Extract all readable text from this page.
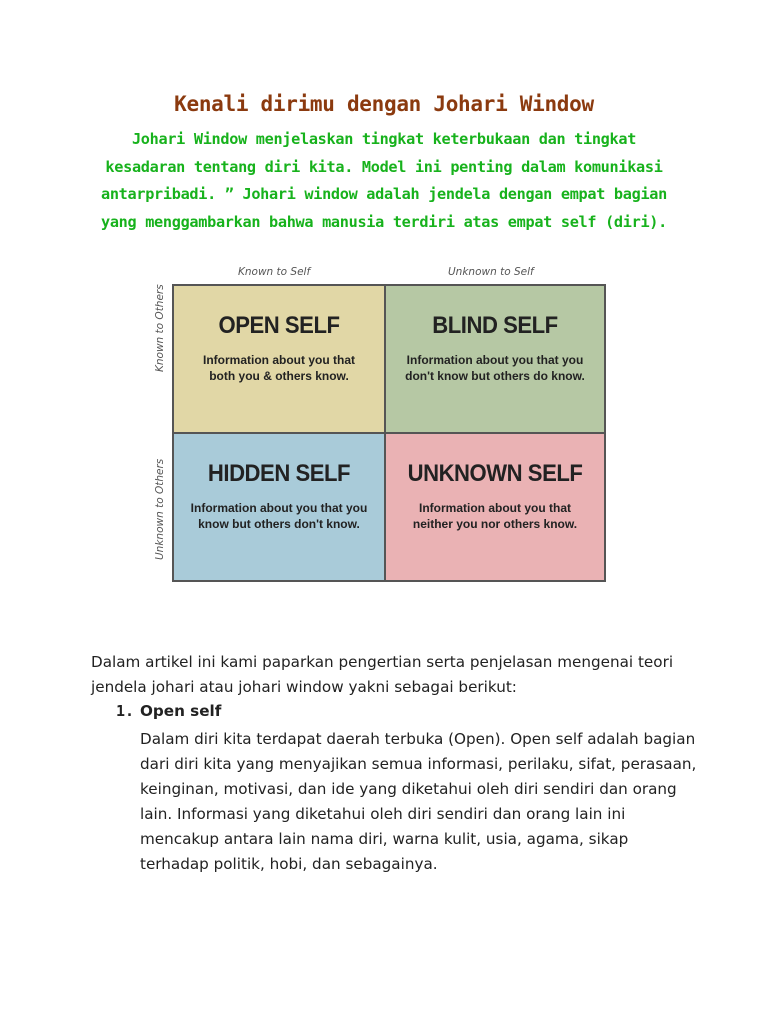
Kenali dirimu dengan Johari Window

Johari Window menjelaskan tingkat keterbukaan dan tingkat
kesadaran tentang diri kita. Model ini penting dalam komunikasi
antarpribadi. ” Johari window adalah jendela dengan empat bagian
yang menggambarkan bahwa manusia terdiri atas empat self (diri).

Known to Self	Unknown to Self
Known to Others
Unknown to Others
OPEN SELF
Information about you that both you & others know.
BLIND SELF
Information about you that you don't know but others do know.
HIDDEN SELF
Information about you that you know but others don't know.
UNKNOWN SELF
Information about you that neither you nor others know.

Dalam artikel ini kami paparkan pengertian serta penjelasan mengenai teori jendela johari atau johari window yakni sebagai berikut:

1. Open self

Dalam diri kita terdapat daerah terbuka (Open). Open self adalah bagian dari diri kita yang menyajikan semua informasi, perilaku, sifat, perasaan, keinginan, motivasi, dan ide yang diketahui oleh diri sendiri dan orang lain. Informasi yang diketahui oleh diri sendiri dan orang lain ini mencakup antara lain nama diri, warna kulit, usia, agama, sikap terhadap politik, hobi, dan sebagainya.
